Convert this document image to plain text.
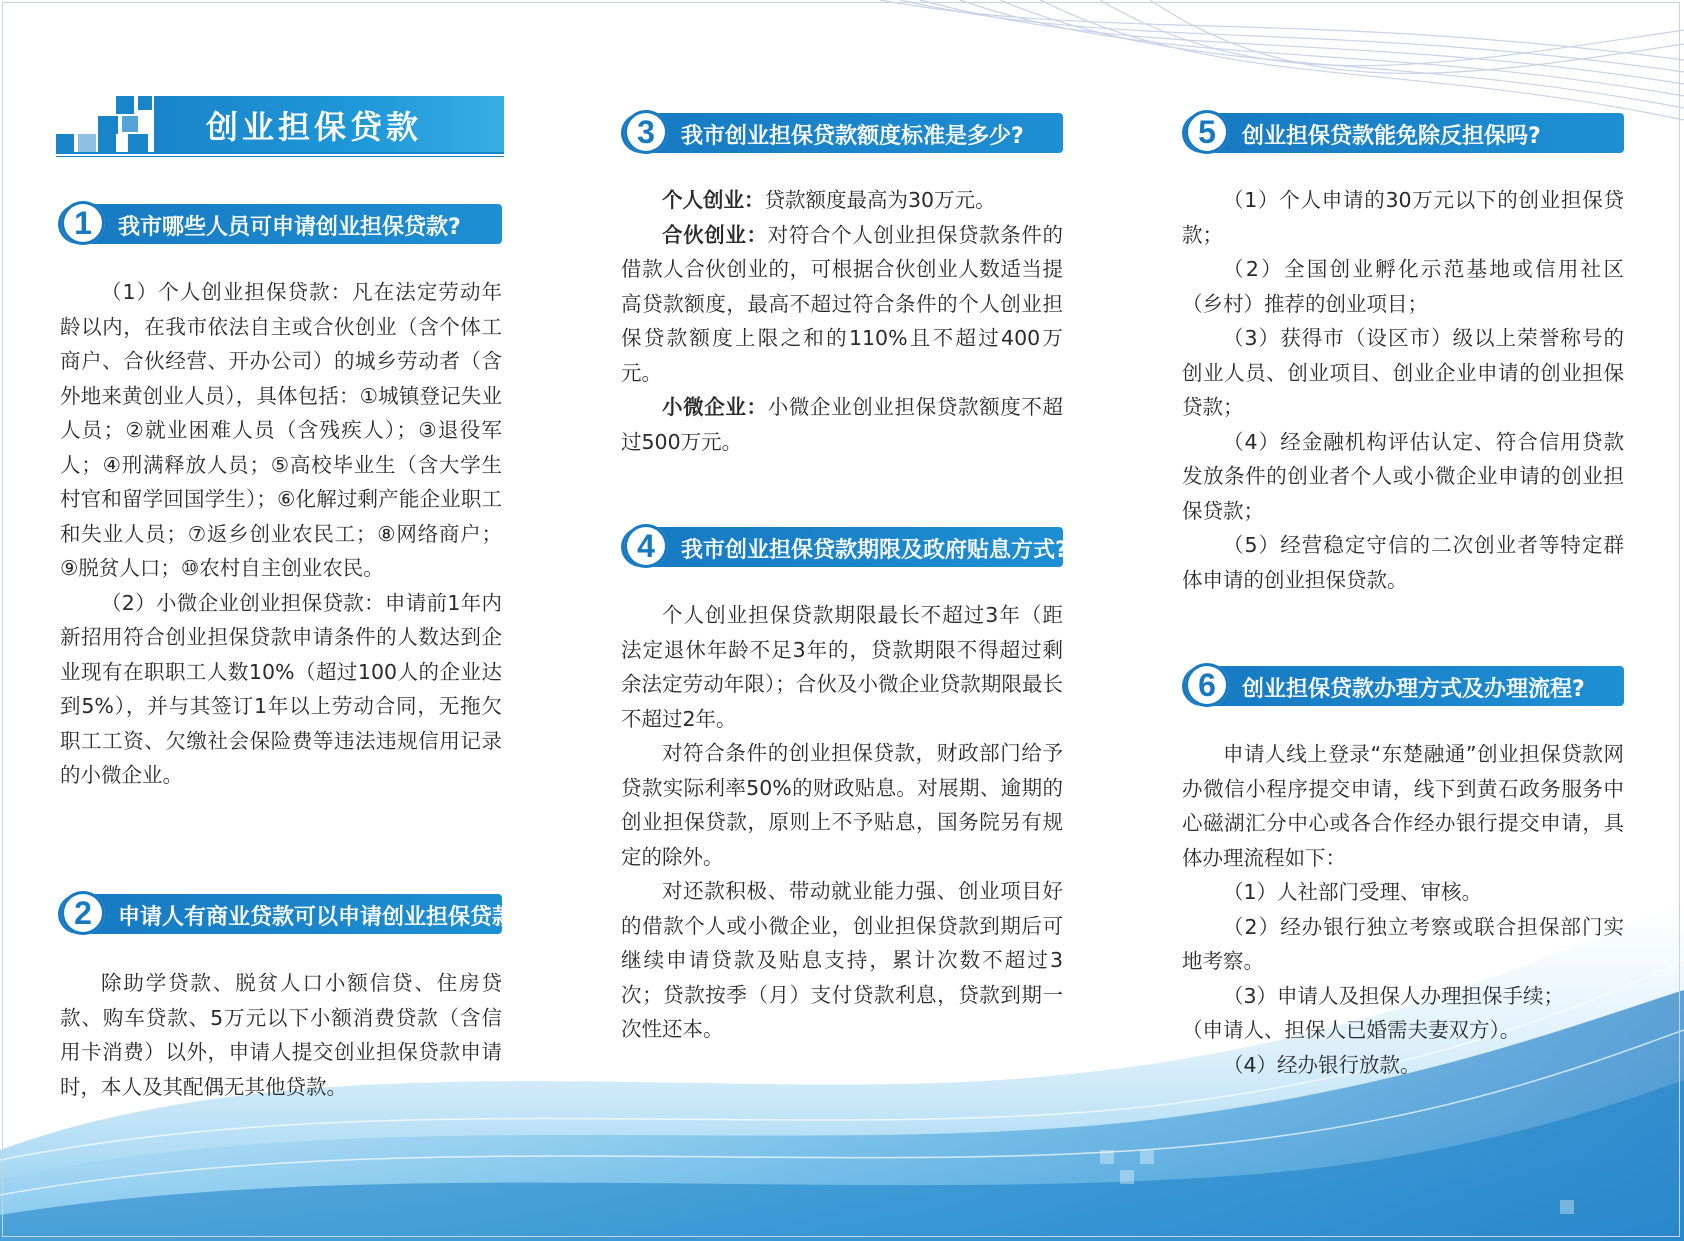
创业担保贷款
1	我市哪些人员可申请创业担保贷款?

（1）个人创业担保贷款：凡在法定劳动年龄以内，在我市依法自主或合伙创业（含个体工商户、合伙经营、开办公司）的城乡劳动者（含外地来黄创业人员），具体包括：①城镇登记失业人员；②就业困难人员（含残疾人）；③退役军人；④刑满释放人员；⑤高校毕业生（含大学生村官和留学回国学生）；⑥化解过剩产能企业职工和失业人员；⑦返乡创业农民工；⑧网络商户；⑨脱贫人口；⑩农村自主创业农民。

（2）小微企业创业担保贷款：申请前1年内新招用符合创业担保贷款申请条件的人数达到企业现有在职职工人数10%（超过100人的企业达到5%），并与其签订1年以上劳动合同，无拖欠职工工资、欠缴社会保险费等违法违规信用记录的小微企业。

2	申请人有商业贷款可以申请创业担保贷款吗?

除助学贷款、脱贫人口小额信贷、住房贷款、购车贷款、5万元以下小额消费贷款（含信用卡消费）以外，申请人提交创业担保贷款申请时，本人及其配偶无其他贷款。

3	我市创业担保贷款额度标准是多少?

个人创业：贷款额度最高为30万元。

合伙创业：对符合个人创业担保贷款条件的借款人合伙创业的，可根据合伙创业人数适当提高贷款额度，最高不超过符合条件的个人创业担保贷款额度上限之和的110%且不超过400万元。

小微企业：小微企业创业担保贷款额度不超过500万元。

4	我市创业担保贷款期限及政府贴息方式?

个人创业担保贷款期限最长不超过3年（距法定退休年龄不足3年的，贷款期限不得超过剩余法定劳动年限）；合伙及小微企业贷款期限最长不超过2年。

对符合条件的创业担保贷款，财政部门给予贷款实际利率50%的财政贴息。对展期、逾期的创业担保贷款，原则上不予贴息，国务院另有规定的除外。

对还款积极、带动就业能力强、创业项目好的借款个人或小微企业，创业担保贷款到期后可继续申请贷款及贴息支持，累计次数不超过3次；贷款按季（月）支付贷款利息，贷款到期一次性还本。

5	创业担保贷款能免除反担保吗?

（1）个人申请的30万元以下的创业担保贷款；

（2）全国创业孵化示范基地或信用社区（乡村）推荐的创业项目；

（3）获得市（设区市）级以上荣誉称号的创业人员、创业项目、创业企业申请的创业担保贷款；

（4）经金融机构评估认定、符合信用贷款发放条件的创业者个人或小微企业申请的创业担保贷款；

（5）经营稳定守信的二次创业者等特定群体申请的创业担保贷款。

6	创业担保贷款办理方式及办理流程?

申请人线上登录“东楚融通”创业担保贷款网办微信小程序提交申请，线下到黄石政务服务中心磁湖汇分中心或各合作经办银行提交申请，具体办理流程如下：

（1）人社部门受理、审核。

（2）经办银行独立考察或联合担保部门实地考察。

（3）申请人及担保人办理担保手续；

（申请人、担保人已婚需夫妻双方）。

（4）经办银行放款。
